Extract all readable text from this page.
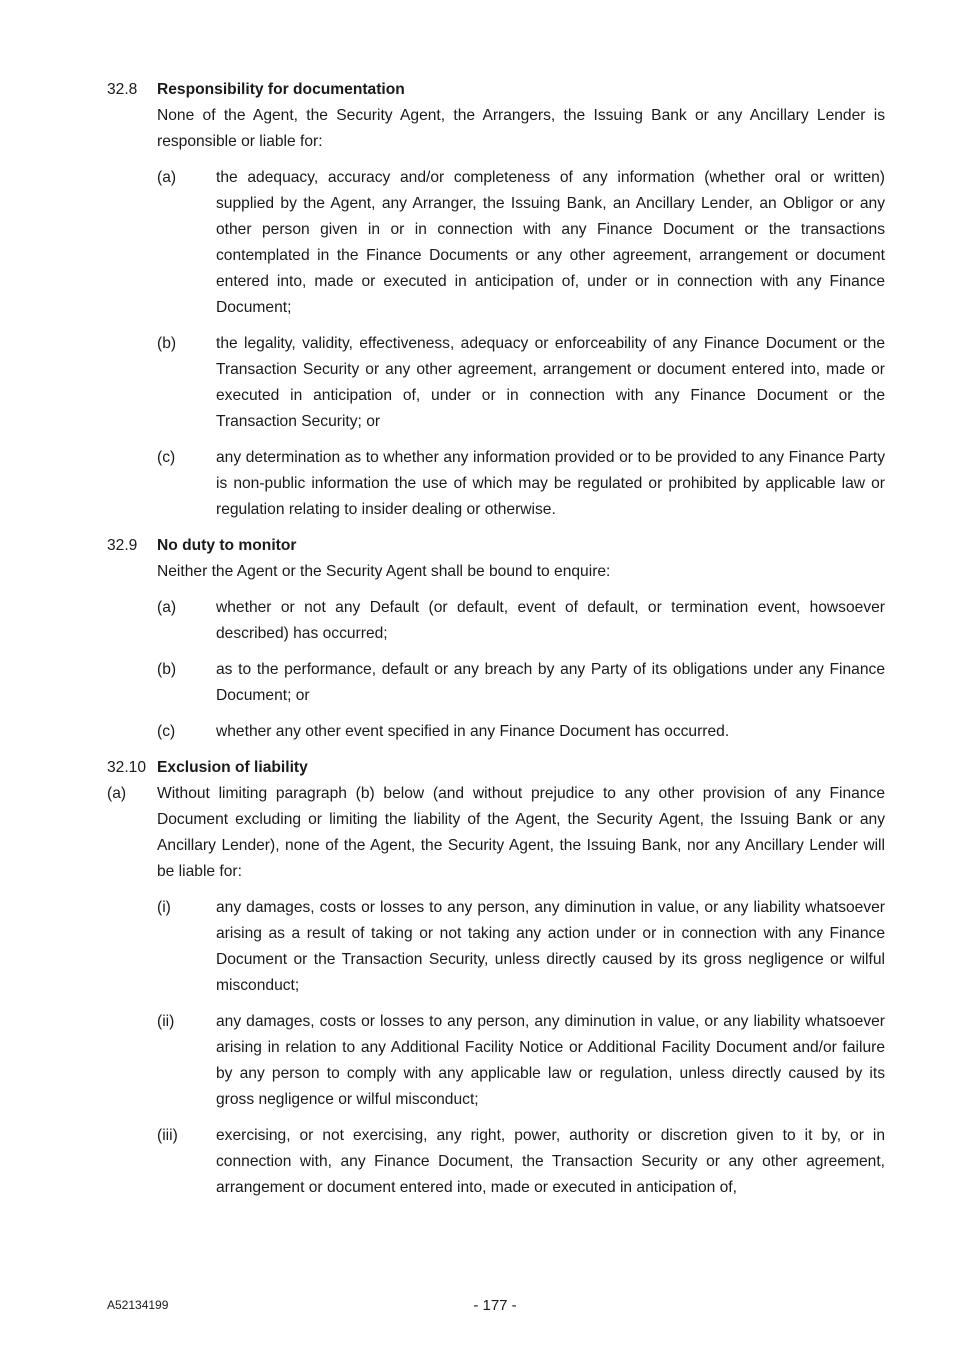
32.8 Responsibility for documentation
None of the Agent, the Security Agent, the Arrangers, the Issuing Bank or any Ancillary Lender is responsible or liable for:
(a)	the adequacy, accuracy and/or completeness of any information (whether oral or written) supplied by the Agent, any Arranger, the Issuing Bank, an Ancillary Lender, an Obligor or any other person given in or in connection with any Finance Document or the transactions contemplated in the Finance Documents or any other agreement, arrangement or document entered into, made or executed in anticipation of, under or in connection with any Finance Document;
(b)	the legality, validity, effectiveness, adequacy or enforceability of any Finance Document or the Transaction Security or any other agreement, arrangement or document entered into, made or executed in anticipation of, under or in connection with any Finance Document or the Transaction Security; or
(c)	any determination as to whether any information provided or to be provided to any Finance Party is non-public information the use of which may be regulated or prohibited by applicable law or regulation relating to insider dealing or otherwise.
32.9 No duty to monitor
Neither the Agent or the Security Agent shall be bound to enquire:
(a)	whether or not any Default (or default, event of default, or termination event, howsoever described) has occurred;
(b)	as to the performance, default or any breach by any Party of its obligations under any Finance Document; or
(c)	whether any other event specified in any Finance Document has occurred.
32.10 Exclusion of liability
(a) Without limiting paragraph (b) below (and without prejudice to any other provision of any Finance Document excluding or limiting the liability of the Agent, the Security Agent, the Issuing Bank or any Ancillary Lender), none of the Agent, the Security Agent, the Issuing Bank, nor any Ancillary Lender will be liable for:
(i)	any damages, costs or losses to any person, any diminution in value, or any liability whatsoever arising as a result of taking or not taking any action under or in connection with any Finance Document or the Transaction Security, unless directly caused by its gross negligence or wilful misconduct;
(ii)	any damages, costs or losses to any person, any diminution in value, or any liability whatsoever arising in relation to any Additional Facility Notice or Additional Facility Document and/or failure by any person to comply with any applicable law or regulation, unless directly caused by its gross negligence or wilful misconduct;
(iii) exercising, or not exercising, any right, power, authority or discretion given to it by, or in connection with, any Finance Document, the Transaction Security or any other agreement, arrangement or document entered into, made or executed in anticipation of,
A52134199	- 177 -
